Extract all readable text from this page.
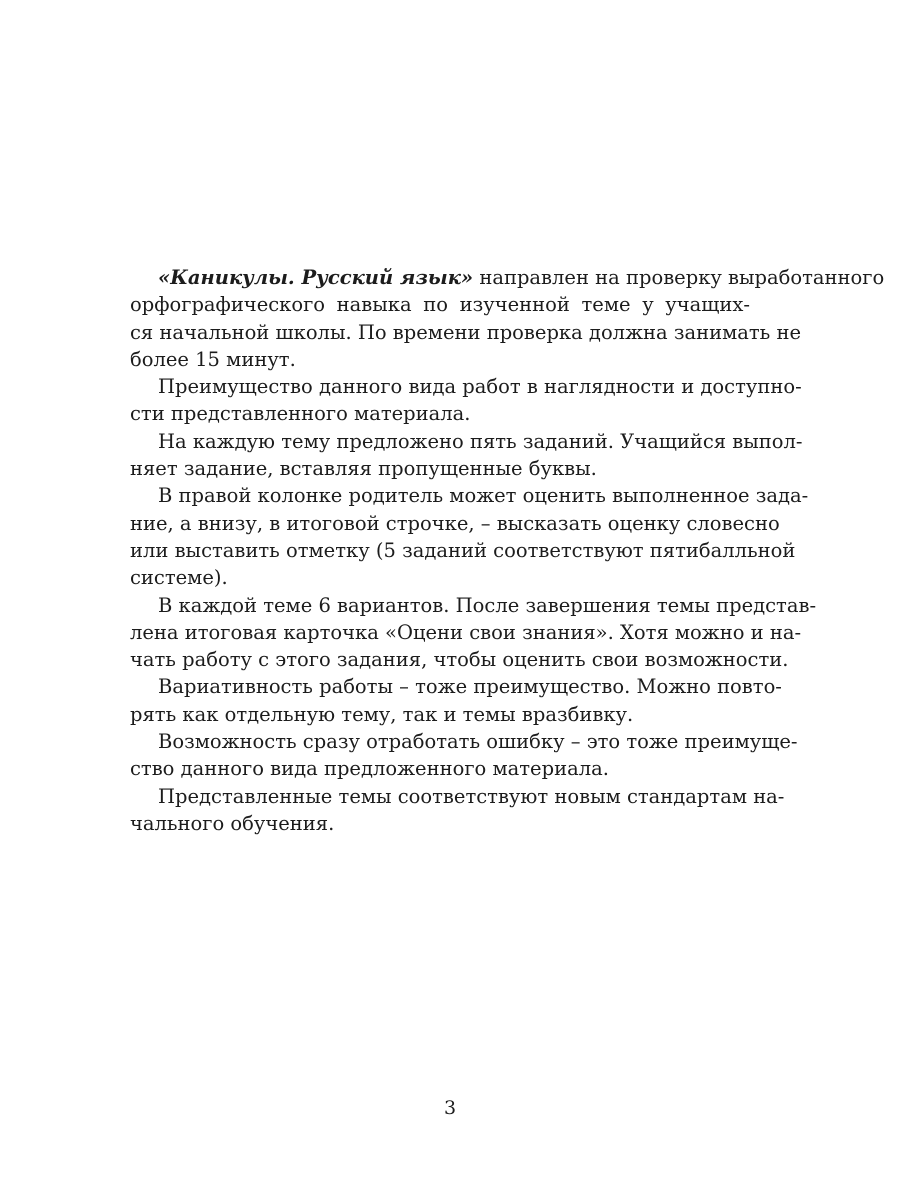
«Каникулы. Русский язык» направлен на проверку выработанного
орфографического навыка по изученной теме у учащих-
ся начальной школы. По времени проверка должна занимать не
более 15 минут.
Преимущество данного вида работ в наглядности и доступно-
сти представленного материала.
На каждую тему предложено пять заданий. Учащийся выпол-
няет задание, вставляя пропущенные буквы.
В правой колонке родитель может оценить выполненное зада-
ние, а внизу, в итоговой строчке, – высказать оценку словесно
или выставить отметку (5 заданий соответствуют пятибалльной
системе).
В каждой теме 6 вариантов. После завершения темы представ-
лена итоговая карточка «Оцени свои знания». Хотя можно и на-
чать работу с этого задания, чтобы оценить свои возможности.
Вариативность работы – тоже преимущество. Можно повто-
рять как отдельную тему, так и темы вразбивку.
Возможность сразу отработать ошибку – это тоже преимуще-
ство данного вида предложенного материала.
Представленные темы соответствуют новым стандартам на-
чального обучения.
3
